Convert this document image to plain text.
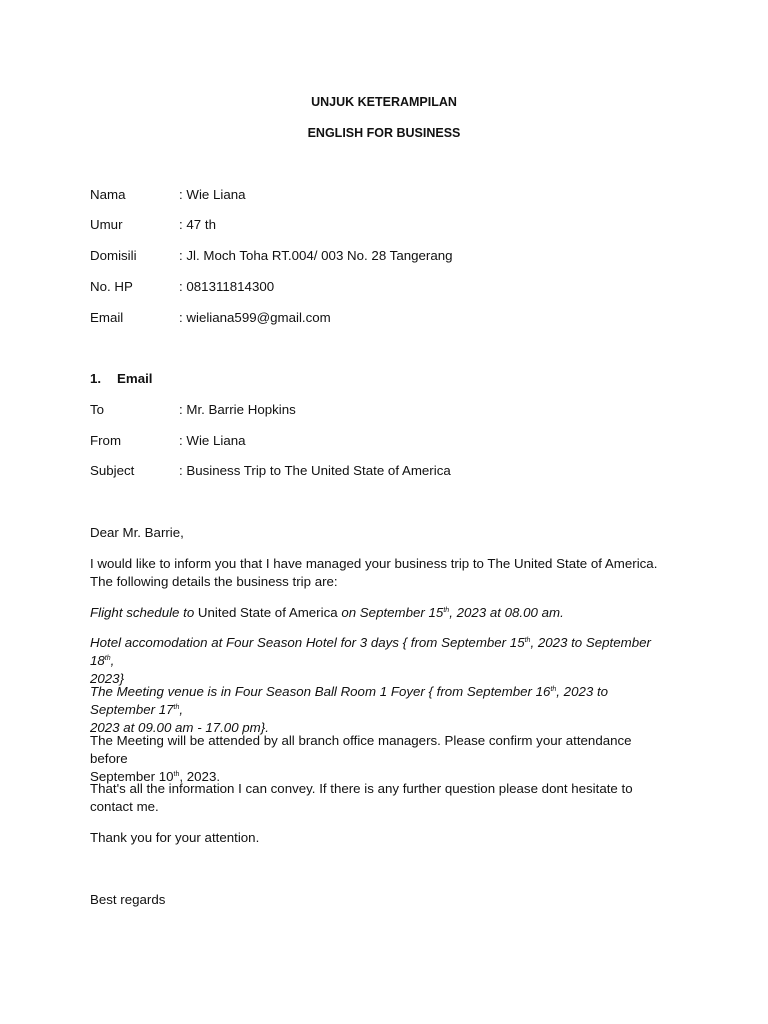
UNJUK KETERAMPILAN
ENGLISH FOR BUSINESS
Nama	: Wie Liana
Umur	: 47 th
Domisili	: Jl. Moch Toha RT.004/ 003 No. 28 Tangerang
No. HP	: 081311814300
Email	: wieliana599@gmail.com
1. Email
To	: Mr. Barrie Hopkins
From	: Wie Liana
Subject	: Business Trip to The United State of America
Dear Mr. Barrie,
I would like to inform you that I have managed your business trip to The United State of America. The following details the business trip are:
Flight schedule to United State of America on September 15th, 2023 at 08.00 am.
Hotel accomodation at Four Season Hotel for 3 days { from September 15th, 2023 to September 18th,
2023}
The Meeting venue is in Four Season Ball Room 1 Foyer { from September 16th, 2023 to September 17th,
2023 at 09.00 am - 17.00 pm}.
The Meeting will be attended by all branch office managers. Please confirm your attendance before
September 10th, 2023.
That's all the information I can convey. If there is any further question please dont hesitate to contact me.
Thank you for your attention.
Best regards
